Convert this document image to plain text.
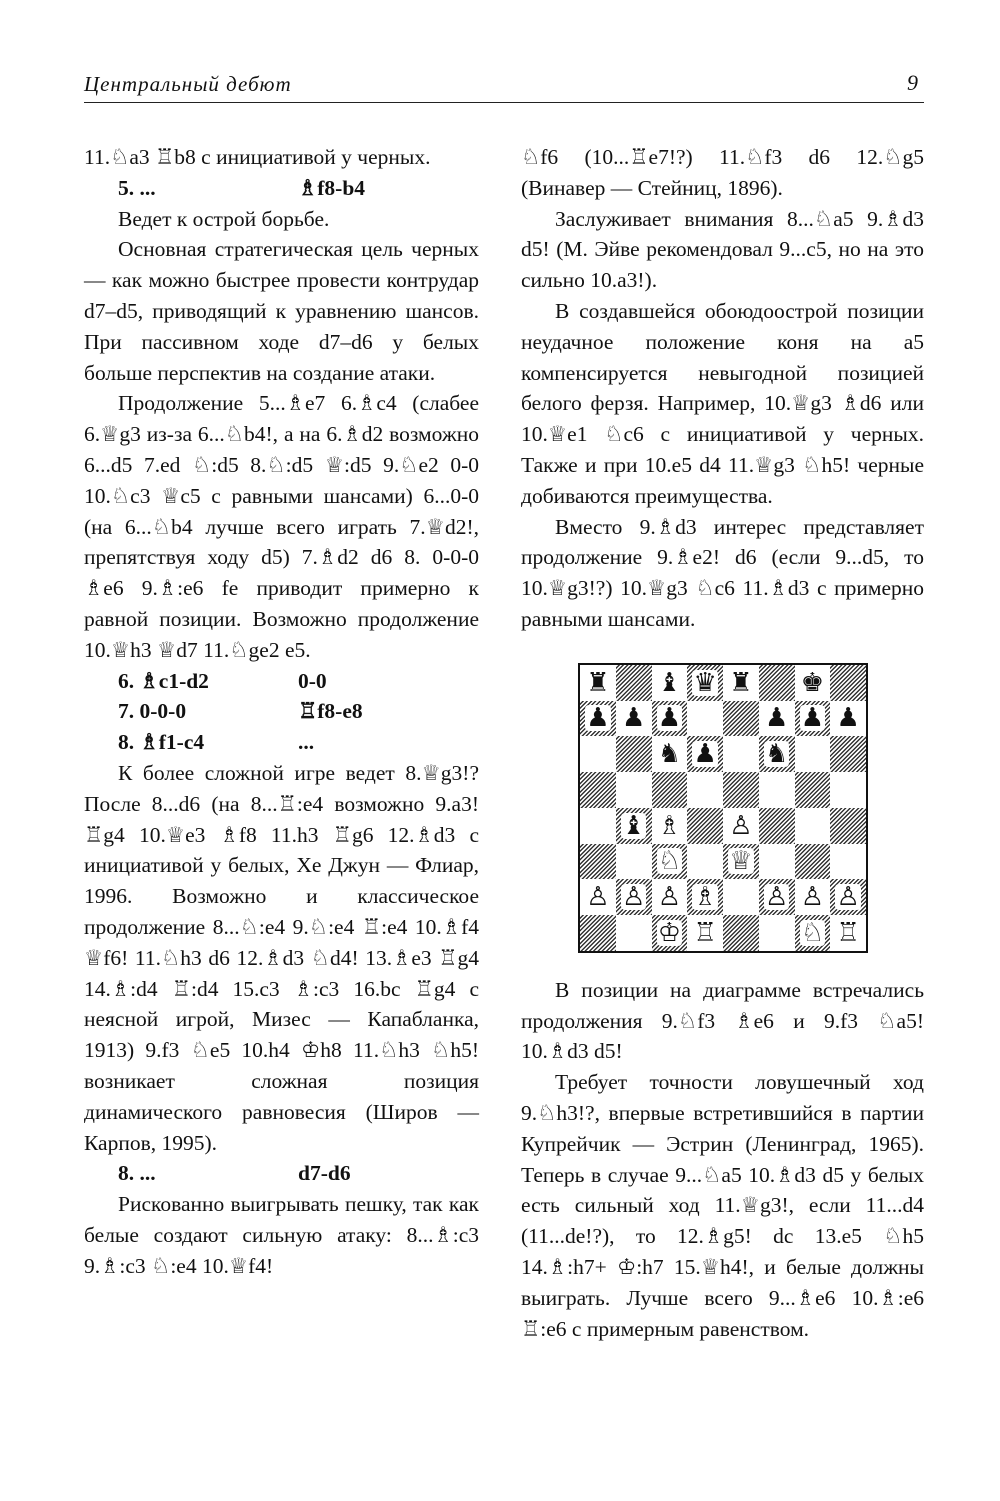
Центральный дебют	9

11.♘a3 ♖b8 с инициативой у черных.

5. ...	♗f8-b4

Ведет к острой борьбе.

Основная стратегическая цель черных — как можно быстрее провести контрудар d7–d5, приводящий к уравнению шансов. При пассивном ходе d7–d6 у белых больше перспектив на создание атаки.

Продолжение 5...♗e7 6.♗c4 (слабее 6.♕g3 из-за 6...♘b4!, а на 6.♗d2 возможно 6...d5 7.ed ♘:d5 8.♘:d5 ♕:d5 9.♘e2 0-0 10.♘c3 ♕c5 с равными шансами) 6...0-0 (на 6...♘b4 лучше всего играть 7.♕d2!, препятствуя ходу d5) 7.♗d2 d6 8. 0-0-0 ♗e6 9.♗:e6 fe приводит примерно к равной позиции. Возможно продолжение 10.♕h3 ♕d7 11.♘ge2 e5.

6. ♗c1-d2	0-0
7. 0-0-0	♖f8-e8
8. ♗f1-c4	...

К более сложной игре ведет 8.♕g3!? После 8...d6 (на 8...♖:e4 возможно 9.a3! ♖g4 10.♕e3 ♗f8 11.h3 ♖g6 12.♗d3 с инициативой у белых, Хе Джун — Флиар, 1996. Возможно и классическое продолжение 8...♘:e4 9.♘:e4 ♖:e4 10.♗f4 ♕f6! 11.♘h3 d6 12.♗d3 ♘d4! 13.♗e3 ♖g4 14.♗:d4 ♖:d4 15.c3 ♗:c3 16.bc ♖g4 с неясной игрой, Мизес — Капабланка, 1913) 9.f3 ♘e5 10.h4 ♔h8 11.♘h3 ♘h5! возникает сложная позиция динамического равновесия (Широв — Карпов, 1995).

8. ...	d7-d6

Рискованно выигрывать пешку, так как белые создают сильную атаку: 8...♗:c3 9.♗:c3 ♘:e4 10.♕f4!

♘f6 (10...♖e7!?) 11.♘f3 d6 12.♘g5 (Винавер — Стейниц, 1896).

Заслуживает внимания 8...♘a5 9.♗d3 d5! (М. Эйве рекомендовал 9...c5, но на это сильно 10.a3!).

В создавшейся обоюдоострой позиции неудачное положение коня на a5 компенсируется невыгодной позицией белого ферзя. Например, 10.♕g3 ♗d6 или 10.♕e1 ♘c6 с инициативой у черных. Также и при 10.e5 d4 11.♕g3 ♘h5! черные добиваются преимущества.

Вместо 9.♗d3 интерес представляет продолжение 9.♗e2! d6 (если 9...d5, то 10.♕g3!?) 10.♕g3 ♘c6 11.♗d3 с примерно равными шансами.

♜ ♝ ♛ ♜ ♚
♟ ♟ ♟	♟ ♟ ♟
♞ ♟ ♞
♝ ♗ ♙
♘ ♕
♙ ♙ ♙ ♗ ♙ ♙ ♙
♔ ♖	♘ ♖

В позиции на диаграмме встречались продолжения 9.♘f3 ♗e6 и 9.f3 ♘a5! 10.♗d3 d5!

Требует точности ловушечный ход 9.♘h3!?, впервые встретившийся в партии Купрейчик — Эстрин (Ленинград, 1965). Теперь в случае 9...♘a5 10.♗d3 d5 у белых есть сильный ход 11.♕g3!, если 11...d4 (11...de!?), то 12.♗g5! dc 13.e5 ♘h5 14.♗:h7+ ♔:h7 15.♕h4!, и белые должны выиграть. Лучше всего 9...♗e6 10.♗:e6 ♖:e6 с примерным равенством.
